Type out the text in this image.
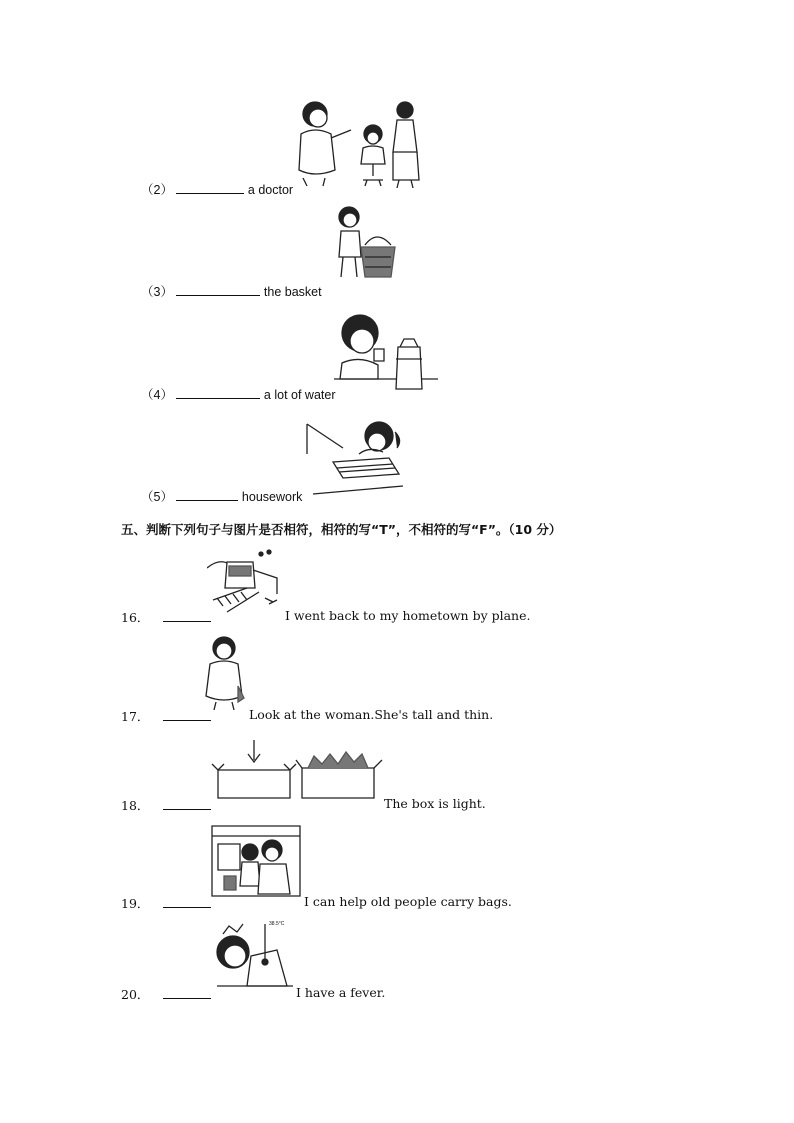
（2）	a doctor
（3）	the basket
（4）	a lot of water
（5）	housework
五、判断下列句子与图片是否相符，相符的写“T”，不相符的写“F”。（10 分）
16．	I went back to my hometown by plane.
17．	Look at the woman.She's tall and thin.
18．	The box is light.
19．	I can help old people carry bags.
38.5°C
20．	I have a fever.
